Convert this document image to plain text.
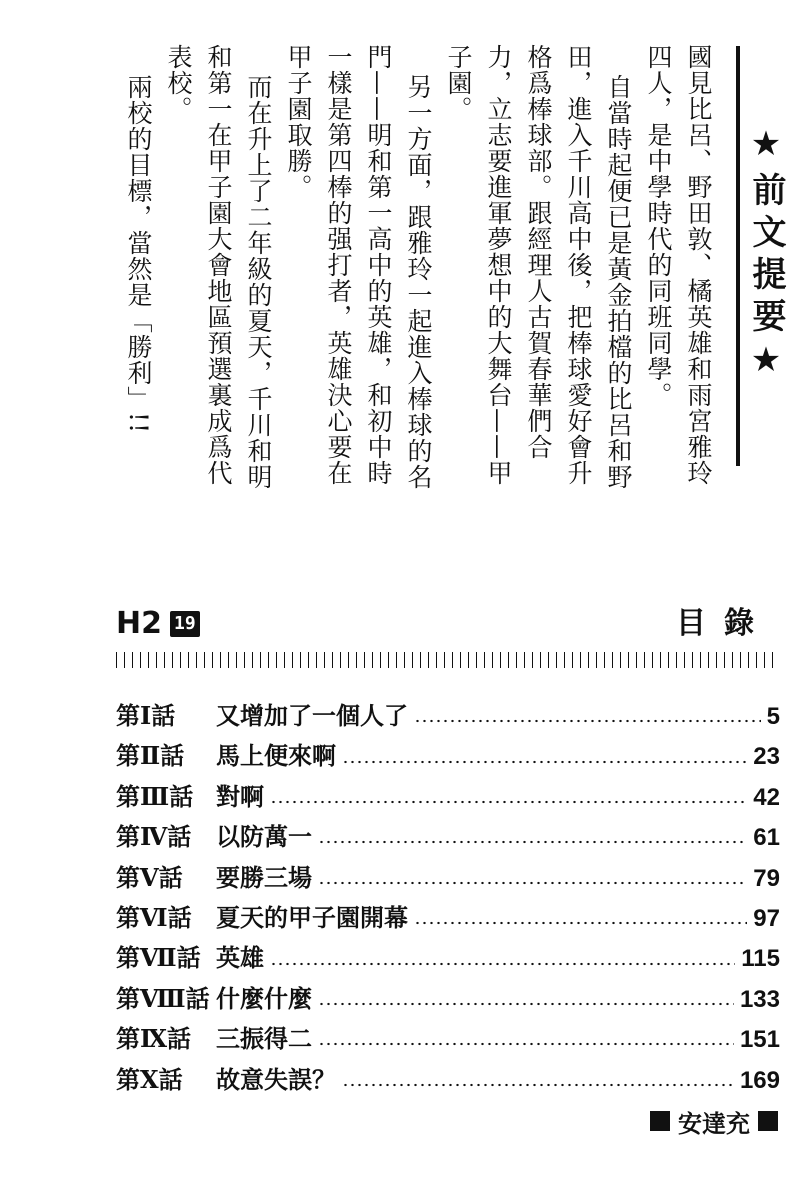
★前文提要★

國見比呂、野田敦、橘英雄和雨宮雅玲四人，是中學時代的同班同學。

自當時起便已是黃金拍檔的比呂和野田，進入千川高中後，把棒球愛好會升格爲棒球部。跟經理人古賀春華們合力，立志要進軍夢想中的大舞台——甲子園。

另一方面，跟雅玲一起進入棒球的名門——明和第一高中的英雄，和初中時一樣是第四棒的强打者，英雄決心要在甲子園取勝。

而在升上了二年級的夏天，千川和明和第一在甲子園大會地區預選裏成爲代表校。

兩校的目標，當然是「勝利」!!

H2 19	目錄
第Ⅰ話	又增加了一個人了	5
第Ⅱ話	馬上便來啊	23
第Ⅲ話 對啊	42
第Ⅳ話	以防萬一	61
第Ⅴ話	要勝三場	79
第Ⅵ話	夏天的甲子園開幕	97
第Ⅶ話 英雄	115
第Ⅷ話 什麼什麼	133
第Ⅸ話	三振得二	151
第Ⅹ話	故意失誤？	169
安達充
